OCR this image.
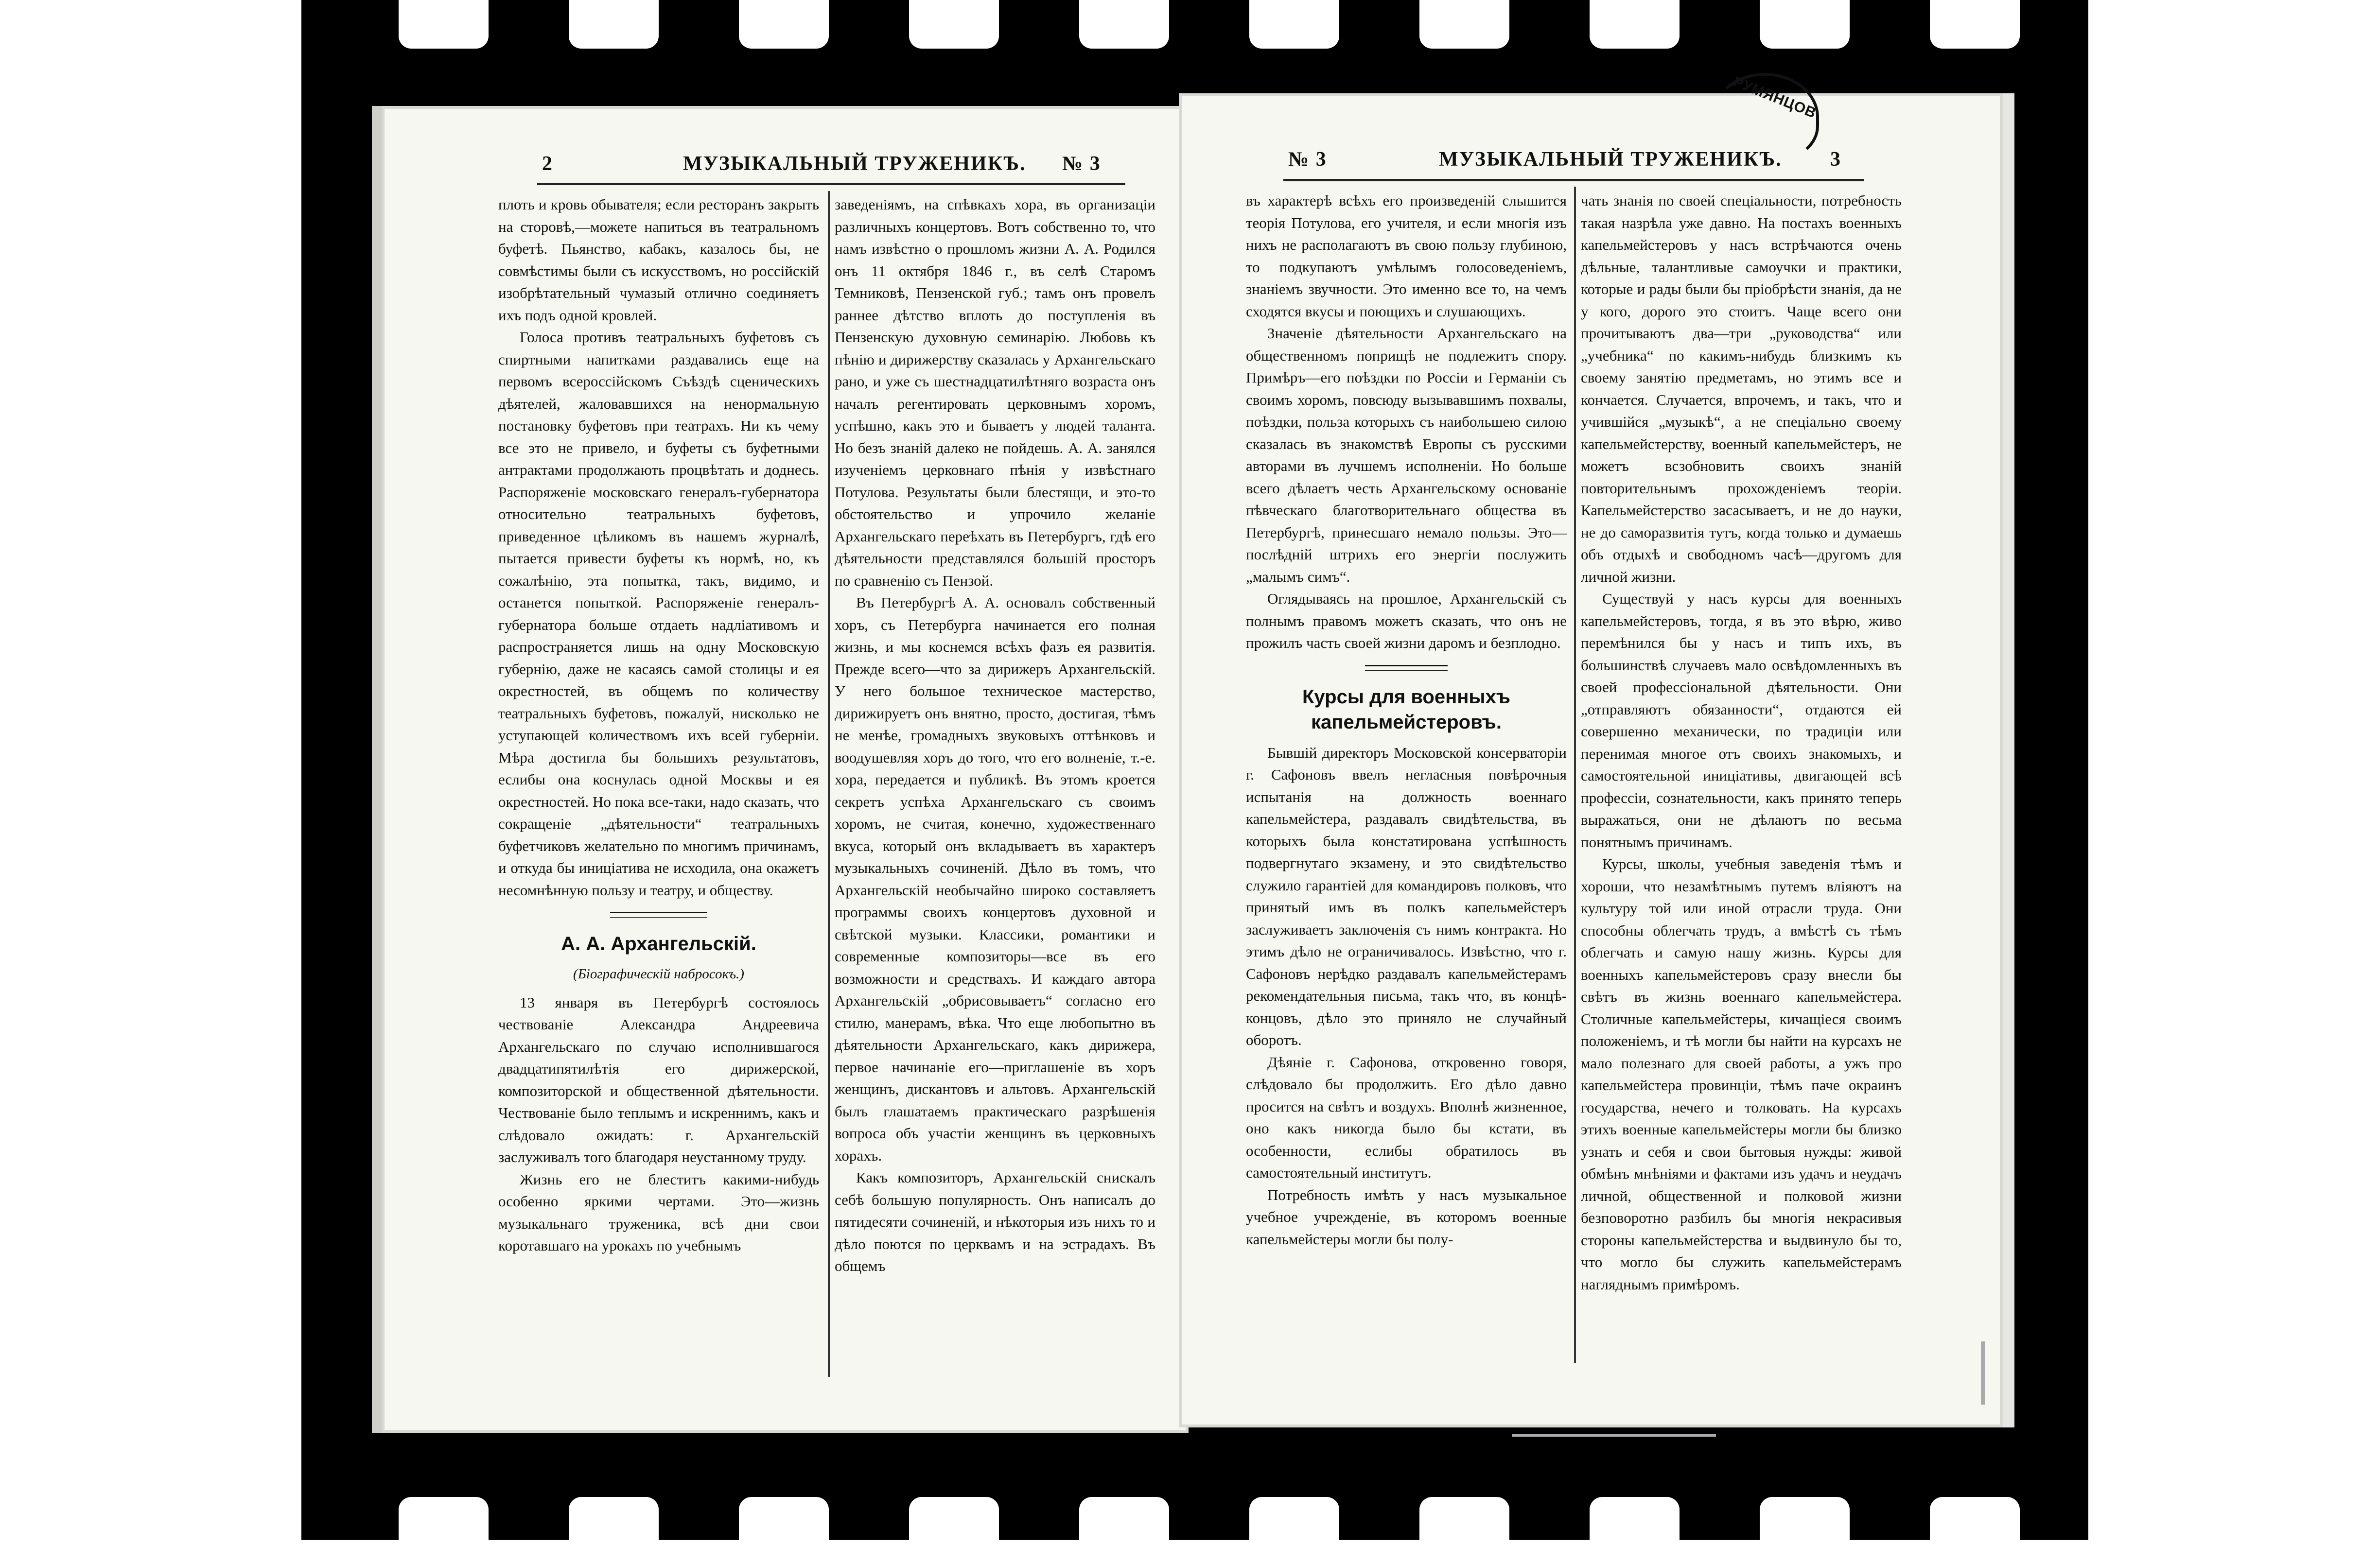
2	МУЗЫКАЛЬНЫЙ ТРУЖЕНИКЪ. № 3

плоть и кровь обывателя; если ресторанъ закрыть на сторовѣ,—можете напиться въ театральномъ буфетѣ. Пьянство, кабакъ, казалось бы, не совмѣстимы были съ искусствомъ, но россійскій изобрѣтательный чумазый отлично соединяетъ ихъ подъ одной кровлей.

Голоса противъ театральныхъ буфетовъ съ спиртными напитками раздавались еще на первомъ всероссійскомъ Съѣздѣ сценическихъ дѣятелей, жаловавшихся на ненормальную постановку буфетовъ при театрахъ. Ни къ чему все это не привело, и буфеты съ буфетными антрактами продолжають процвѣтать и доднесь. Распоряженіе московскаго генералъ-губернатора относительно театральныхъ буфетовъ, приведенное цѣликомъ въ нашемъ журналѣ, пытается привести буфеты къ нормѣ, но, къ сожалѣнію, эта попытка, такъ, видимо, и останется попыткой. Распоряженіе генералъ-губернатора больше отдаеть надліативомъ и распространяется лишь на одну Московскую губернію, даже не касаясь самой столицы и ея окрестностей, въ общемъ по количеству театральныхъ буфетовъ, пожалуй, нисколько не уступающей количествомъ ихъ всей губерніи. Мѣра достигла бы большихъ результатовъ, еслибы она коснулась одной Москвы и ея окрестностей. Но пока все-таки, надо сказать, что сокращеніе „дѣятельности“ театральныхъ буфетчиковъ желательно по многимъ причинамъ, и откуда бы иниціатива не исходила, она окажетъ несомнѣнную пользу и театру, и обществу.

А. А. Архангельскій.
(Біографическій набросокъ.)

13 января въ Петербургѣ состоялось чествованіе Александра Андреевича Архангельскаго по случаю исполнившагося двадцатипятилѣтія его дирижерской, композиторской и общественной дѣятельности. Чествованіе было теплымъ и искреннимъ, какъ и слѣдовало ожидать: г. Архангельскій заслуживалъ того благодаря неустанному труду.

Жизнь его не блеститъ какими-нибудь особенно яркими чертами. Это—жизнь музыкальнаго труженика, всѣ дни свои коротавшаго на урокахъ по учебнымъ

заведеніямъ, на спѣвкахъ хора, въ организаціи различныхъ концертовъ. Вотъ собственно то, что намъ извѣстно о прошломъ жизни А. А. Родился онъ 11 октября 1846 г., въ селѣ Старомъ Темниковѣ, Пензенской губ.; тамъ онъ провелъ раннее дѣтство вплоть до поступленія въ Пензенскую духовную семинарію. Любовь къ пѣнію и дирижерству сказалась у Архангельскаго рано, и уже съ шестнадцатилѣтняго возраста онъ началъ регентировать церковнымъ хоромъ, успѣшно, какъ это и бываетъ у людей таланта. Но безъ знаній далеко не пойдешь. А. А. занялся изученіемъ церковнаго пѣнія у извѣстнаго Потулова. Результаты были блестящи, и это-то обстоятельство и упрочило желаніе Архангельскаго переѣхать въ Петербургъ, гдѣ его дѣятельности представлялся большій просторъ по сравненію съ Пензой.

Въ Петербургѣ А. А. основалъ собственный хоръ, съ Петербурга начинается его полная жизнь, и мы коснемся всѣхъ фазъ ея развитія. Прежде всего—что за дирижеръ Архангельскій. У него большое техническое мастерство, дирижируетъ онъ внятно, просто, достигая, тѣмъ не менѣе, громадныхъ звуковыхъ оттѣнковъ и воодушевляя хоръ до того, что его волненіе, т.-е. хора, передается и публикѣ. Въ этомъ кроется секретъ успѣха Архангельскаго съ своимъ хоромъ, не считая, конечно, художественнаго вкуса, который онъ вкладываетъ въ характеръ музыкальныхъ сочиненій. Дѣло въ томъ, что Архангельскій необычайно широко составляетъ программы своихъ концертовъ духовной и свѣтской музыки. Классики, романтики и современные композиторы—все въ его возможности и средствахъ. И каждаго автора Архангельскій „обрисовываетъ“ согласно его стилю, манерамъ, вѣка. Что еще любопытно въ дѣятельности Архангельскаго, какъ дирижера, первое начинаніе его—приглашеніе въ хоръ женщинъ, дискантовъ и альтовъ. Архангельскій былъ глашатаемъ практическаго разрѣшенія вопроса объ участіи женщинъ въ церковныхъ хорахъ.

Какъ композиторъ, Архангельскій снискалъ себѣ большую популярность. Онъ написалъ до пятидесяти сочиненій, и нѣкоторыя изъ нихъ то и дѣло поются по церквамъ и на эстрадахъ. Въ общемъ

№ 3	МУЗЫКАЛЬНЫЙ ТРУЖЕНИКЪ. 3

въ характерѣ всѣхъ его произведеній слышится теорія Потулова, его учителя, и если многія изъ нихъ не располагаютъ въ свою пользу глубиною, то подкупаютъ умѣлымъ голосоведеніемъ, знаніемъ звучности. Это именно все то, на чемъ сходятся вкусы и поющихъ и слушающихъ.

Значеніе дѣятельности Архангельскаго на общественномъ поприщѣ не подлежитъ спору. Примѣръ—его поѣздки по Россіи и Германіи съ своимъ хоромъ, повсюду вызывавшимъ похвалы, поѣздки, польза которыхъ съ наибольшею силою сказалась въ знакомствѣ Европы съ русскими авторами въ лучшемъ исполненіи. Но больше всего дѣлаетъ честь Архангельскому основаніе пѣвческаго благотворительнаго общества въ Петербургѣ, принесшаго немало пользы. Это—послѣдній штрихъ его энергіи послужить „малымъ симъ“.

Оглядываясь на прошлое, Архангельскій съ полнымъ правомъ можетъ сказать, что онъ не прожилъ часть своей жизни даромъ и безплодно.

Курсы для военныхъ капельмейстеровъ.

Бывшій директоръ Московской консерваторіи г. Сафоновъ ввелъ негласныя повѣрочныя испытанія на должность военнаго капельмейстера, раздавалъ свидѣтельства, въ которыхъ была констатирована успѣшность подвергнутаго экзамену, и это свидѣтельство служило гарантіей для командировъ полковъ, что принятый имъ въ полкъ капельмейстеръ заслуживаетъ заключенія съ нимъ контракта. Но этимъ дѣло не ограничивалось. Извѣстно, что г. Сафоновъ нерѣдко раздавалъ капельмейстерамъ рекомендательныя письма, такъ что, въ концѣ-концовъ, дѣло это приняло не случайный оборотъ.

Дѣяніе г. Сафонова, откровенно говоря, слѣдовало бы продолжить. Его дѣло давно просится на свѣтъ и воздухъ. Вполнѣ жизненное, оно какъ никогда было бы кстати, въ особенности, еслибы обратилось въ самостоятельный институтъ.

Потребность имѣть у насъ музыкальное учебное учрежденіе, въ которомъ военные капельмейстеры могли бы полу-

чать знанія по своей спеціальности, потребность такая назрѣла уже давно. На постахъ военныхъ капельмейстеровъ у насъ встрѣчаются очень дѣльные, талантливые самоучки и практики, которые и рады были бы пріобрѣсти знанія, да не у кого, дорого это стоитъ. Чаще всего они прочитываютъ два—три „руководства“ или „учебника“ по какимъ-нибудь близкимъ къ своему занятію предметамъ, но этимъ все и кончается. Случается, впрочемъ, и такъ, что и учившійся „музыкѣ“, а не спеціально своему капельмейстерству, военный капельмейстеръ, не можетъ всзобновить своихъ знаній повторительнымъ прохожденіемъ теоріи. Капельмейстерство засасываетъ, и не до науки, не до саморазвитія тутъ, когда только и думаешь объ отдыхѣ и свободномъ часѣ—другомъ для личной жизни.

Существуй у насъ курсы для военныхъ капельмейстеровъ, тогда, я въ это вѣрю, живо перемѣнился бы у насъ и типъ ихъ, въ большинствѣ случаевъ мало освѣдомленныхъ въ своей профессіональной дѣятельности. Они „отправляютъ обязанности“, отдаются ей совершенно механически, по традиціи или перенимая многое отъ своихъ знакомыхъ, и самостоятельной иниціативы, двигающей всѣ профессіи, сознательности, какъ принято теперь выражаться, они не дѣлаютъ по весьма понятнымъ причинамъ.

Курсы, школы, учебныя заведенія тѣмъ и хороши, что незамѣтнымъ путемъ вліяютъ на культуру той или иной отрасли труда. Они способны облегчать трудъ, а вмѣстѣ съ тѣмъ облегчать и самую нашу жизнь. Курсы для военныхъ капельмейстеровъ сразу внесли бы свѣтъ въ жизнь военнаго капельмейстера. Столичные капельмейстеры, кичащіеся своимъ положеніемъ, и тѣ могли бы найти на курсахъ не мало полезнаго для своей работы, а ужъ про капельмейстера провинціи, тѣмъ паче окраинъ государства, нечего и толковать. На курсахъ этихъ военные капельмейстеры могли бы близко узнать и себя и свои бытовыя нужды: живой обмѣнъ мнѣніями и фактами изъ удачъ и неудачъ личной, общественной и полковой жизни безповоротно разбилъ бы многія некрасивыя стороны капельмейстерства и выдвинуло бы то, что могло бы служить капельмейстерамъ нагляднымъ примѣромъ.

РУМЯНЦОВ
